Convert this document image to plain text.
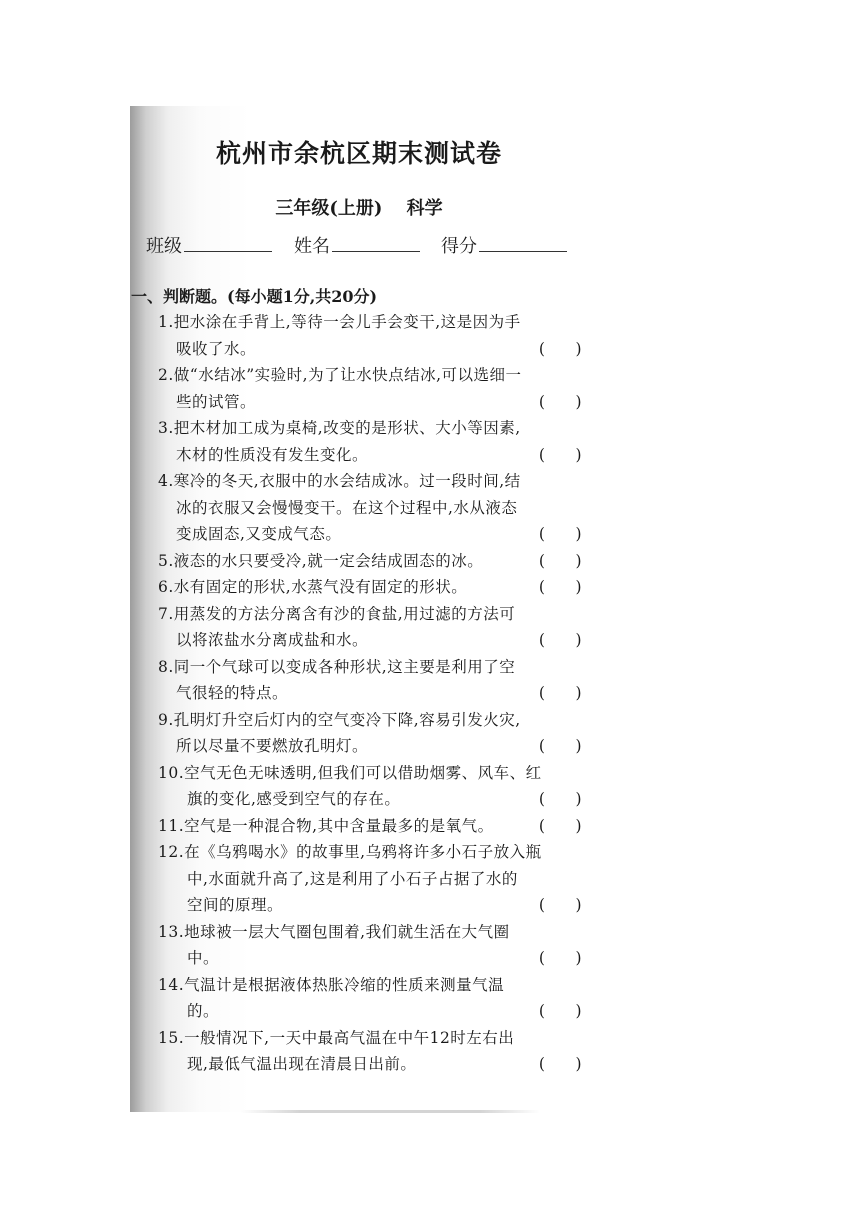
杭州市余杭区期末测试卷
三年级(上册) 科学
班级	姓名	得分
一、判断题。(每小题1分,共20分)
1.把水涂在手背上,等待一会儿手会变干,这是因为手
吸收了水。	( )
2.做“水结冰”实验时,为了让水快点结冰,可以选细一
些的试管。	( )
3.把木材加工成为桌椅,改变的是形状、大小等因素,
木材的性质没有发生变化。	( )
4.寒冷的冬天,衣服中的水会结成冰。过一段时间,结
冰的衣服又会慢慢变干。在这个过程中,水从液态
变成固态,又变成气态。	( )
5.液态的水只要受冷,就一定会结成固态的冰。	( )
6.水有固定的形状,水蒸气没有固定的形状。	( )
7.用蒸发的方法分离含有沙的食盐,用过滤的方法可
以将浓盐水分离成盐和水。	( )
8.同一个气球可以变成各种形状,这主要是利用了空
气很轻的特点。	( )
9.孔明灯升空后灯内的空气变冷下降,容易引发火灾,
所以尽量不要燃放孔明灯。	( )
10.空气无色无味透明,但我们可以借助烟雾、风车、红
旗的变化,感受到空气的存在。	( )
11.空气是一种混合物,其中含量最多的是氧气。	( )
12.在《乌鸦喝水》的故事里,乌鸦将许多小石子放入瓶
中,水面就升高了,这是利用了小石子占据了水的
空间的原理。	( )
13.地球被一层大气圈包围着,我们就生活在大气圈
中。	( )
14.气温计是根据液体热胀冷缩的性质来测量气温
的。	( )
15.一般情况下,一天中最高气温在中午12时左右出
现,最低气温出现在清晨日出前。	( )
